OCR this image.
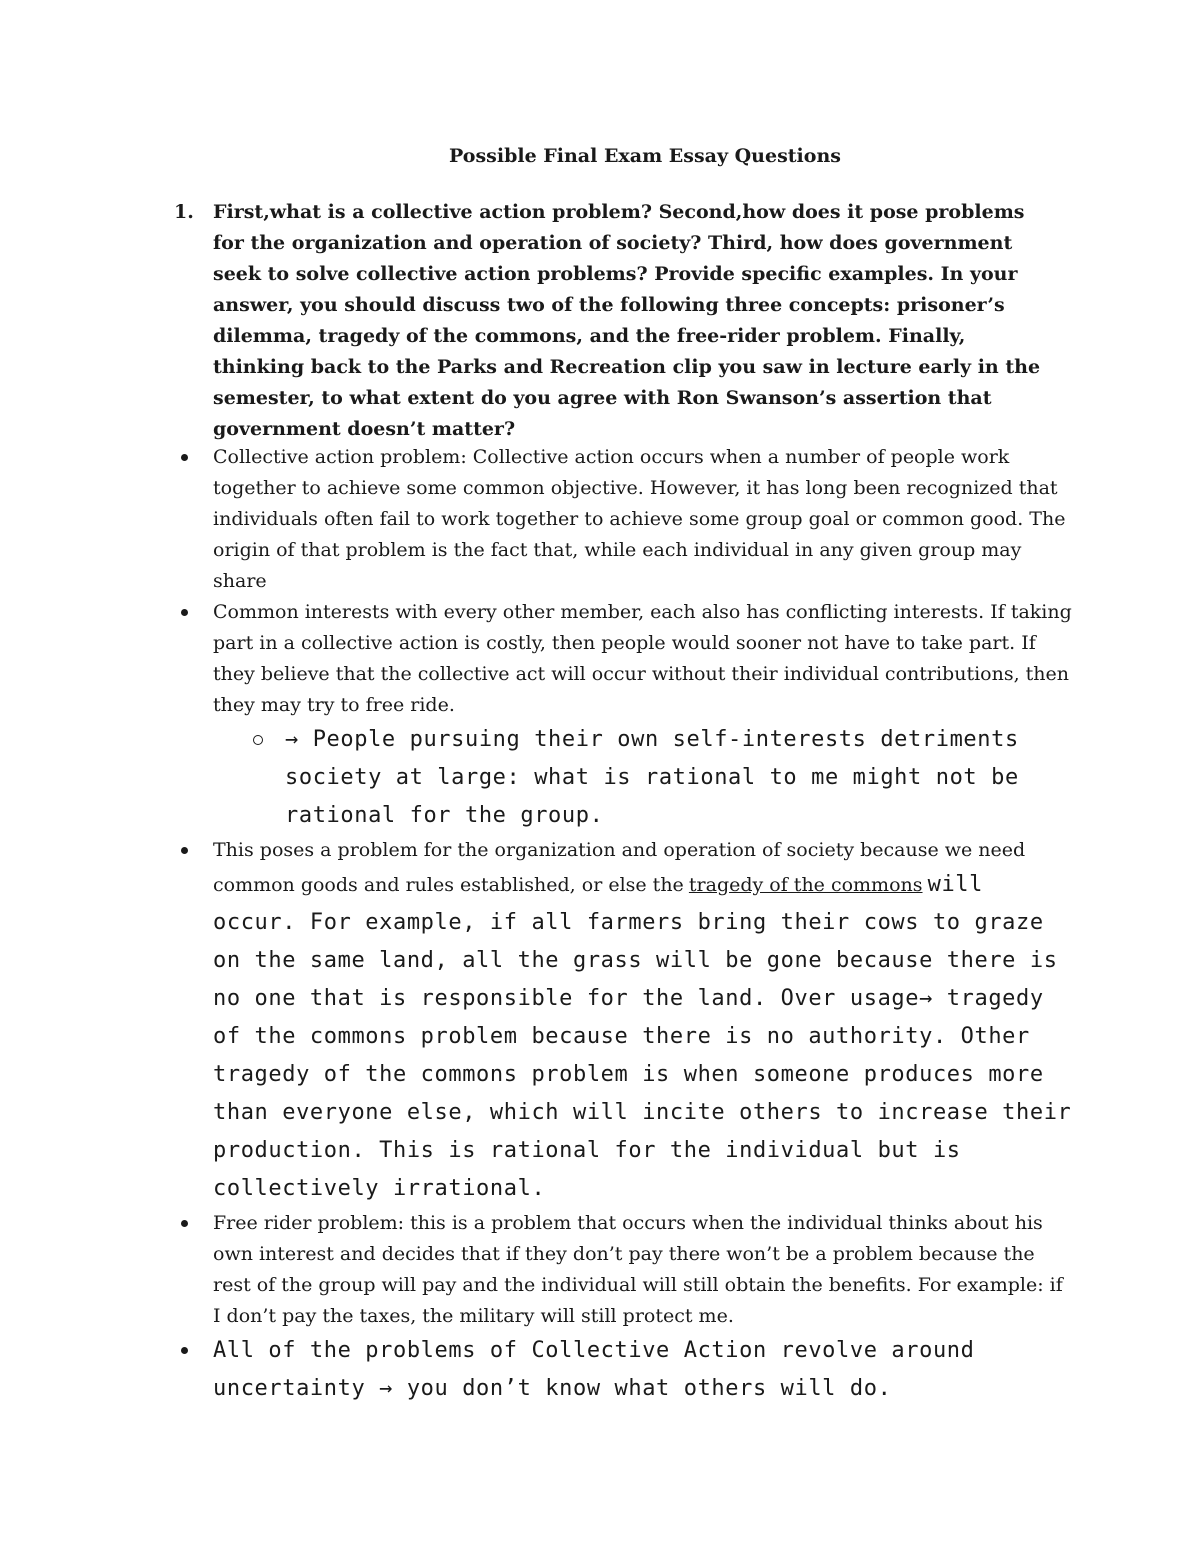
Possible Final Exam Essay Questions
1. First,what is a collective action problem? Second,how does it pose problems for the organization and operation of society? Third, how does government seek to solve collective action problems? Provide specific examples. In your answer, you should discuss two of the following three concepts: prisoner’s dilemma, tragedy of the commons, and the free-rider problem. Finally, thinking back to the Parks and Recreation clip you saw in lecture early in the semester, to what extent do you agree with Ron Swanson’s assertion that government doesn’t matter?
Collective action problem: Collective action occurs when a number of people work together to achieve some common objective. However, it has long been recognized that individuals often fail to work together to achieve some group goal or common good. The origin of that problem is the fact that, while each individual in any given group may share
Common interests with every other member, each also has conflicting interests. If taking part in a collective action is costly, then people would sooner not have to take part. If they believe that the collective act will occur without their individual contributions, then they may try to free ride.
→ People pursuing their own self-interests detriments society at large: what is rational to me might not be rational for the group.
This poses a problem for the organization and operation of society because we need common goods and rules established, or else the tragedy of the commons will occur. For example, if all farmers bring their cows to graze on the same land, all the grass will be gone because there is no one that is responsible for the land. Over usage→ tragedy of the commons problem because there is no authority. Other tragedy of the commons problem is when someone produces more than everyone else, which will incite others to increase their production. This is rational for the individual but is collectively irrational.
Free rider problem: this is a problem that occurs when the individual thinks about his own interest and decides that if they don’t pay there won’t be a problem because the rest of the group will pay and the individual will still obtain the benefits. For example: if I don’t pay the taxes, the military will still protect me.
All of the problems of Collective Action revolve around uncertainty → you don’t know what others will do.
